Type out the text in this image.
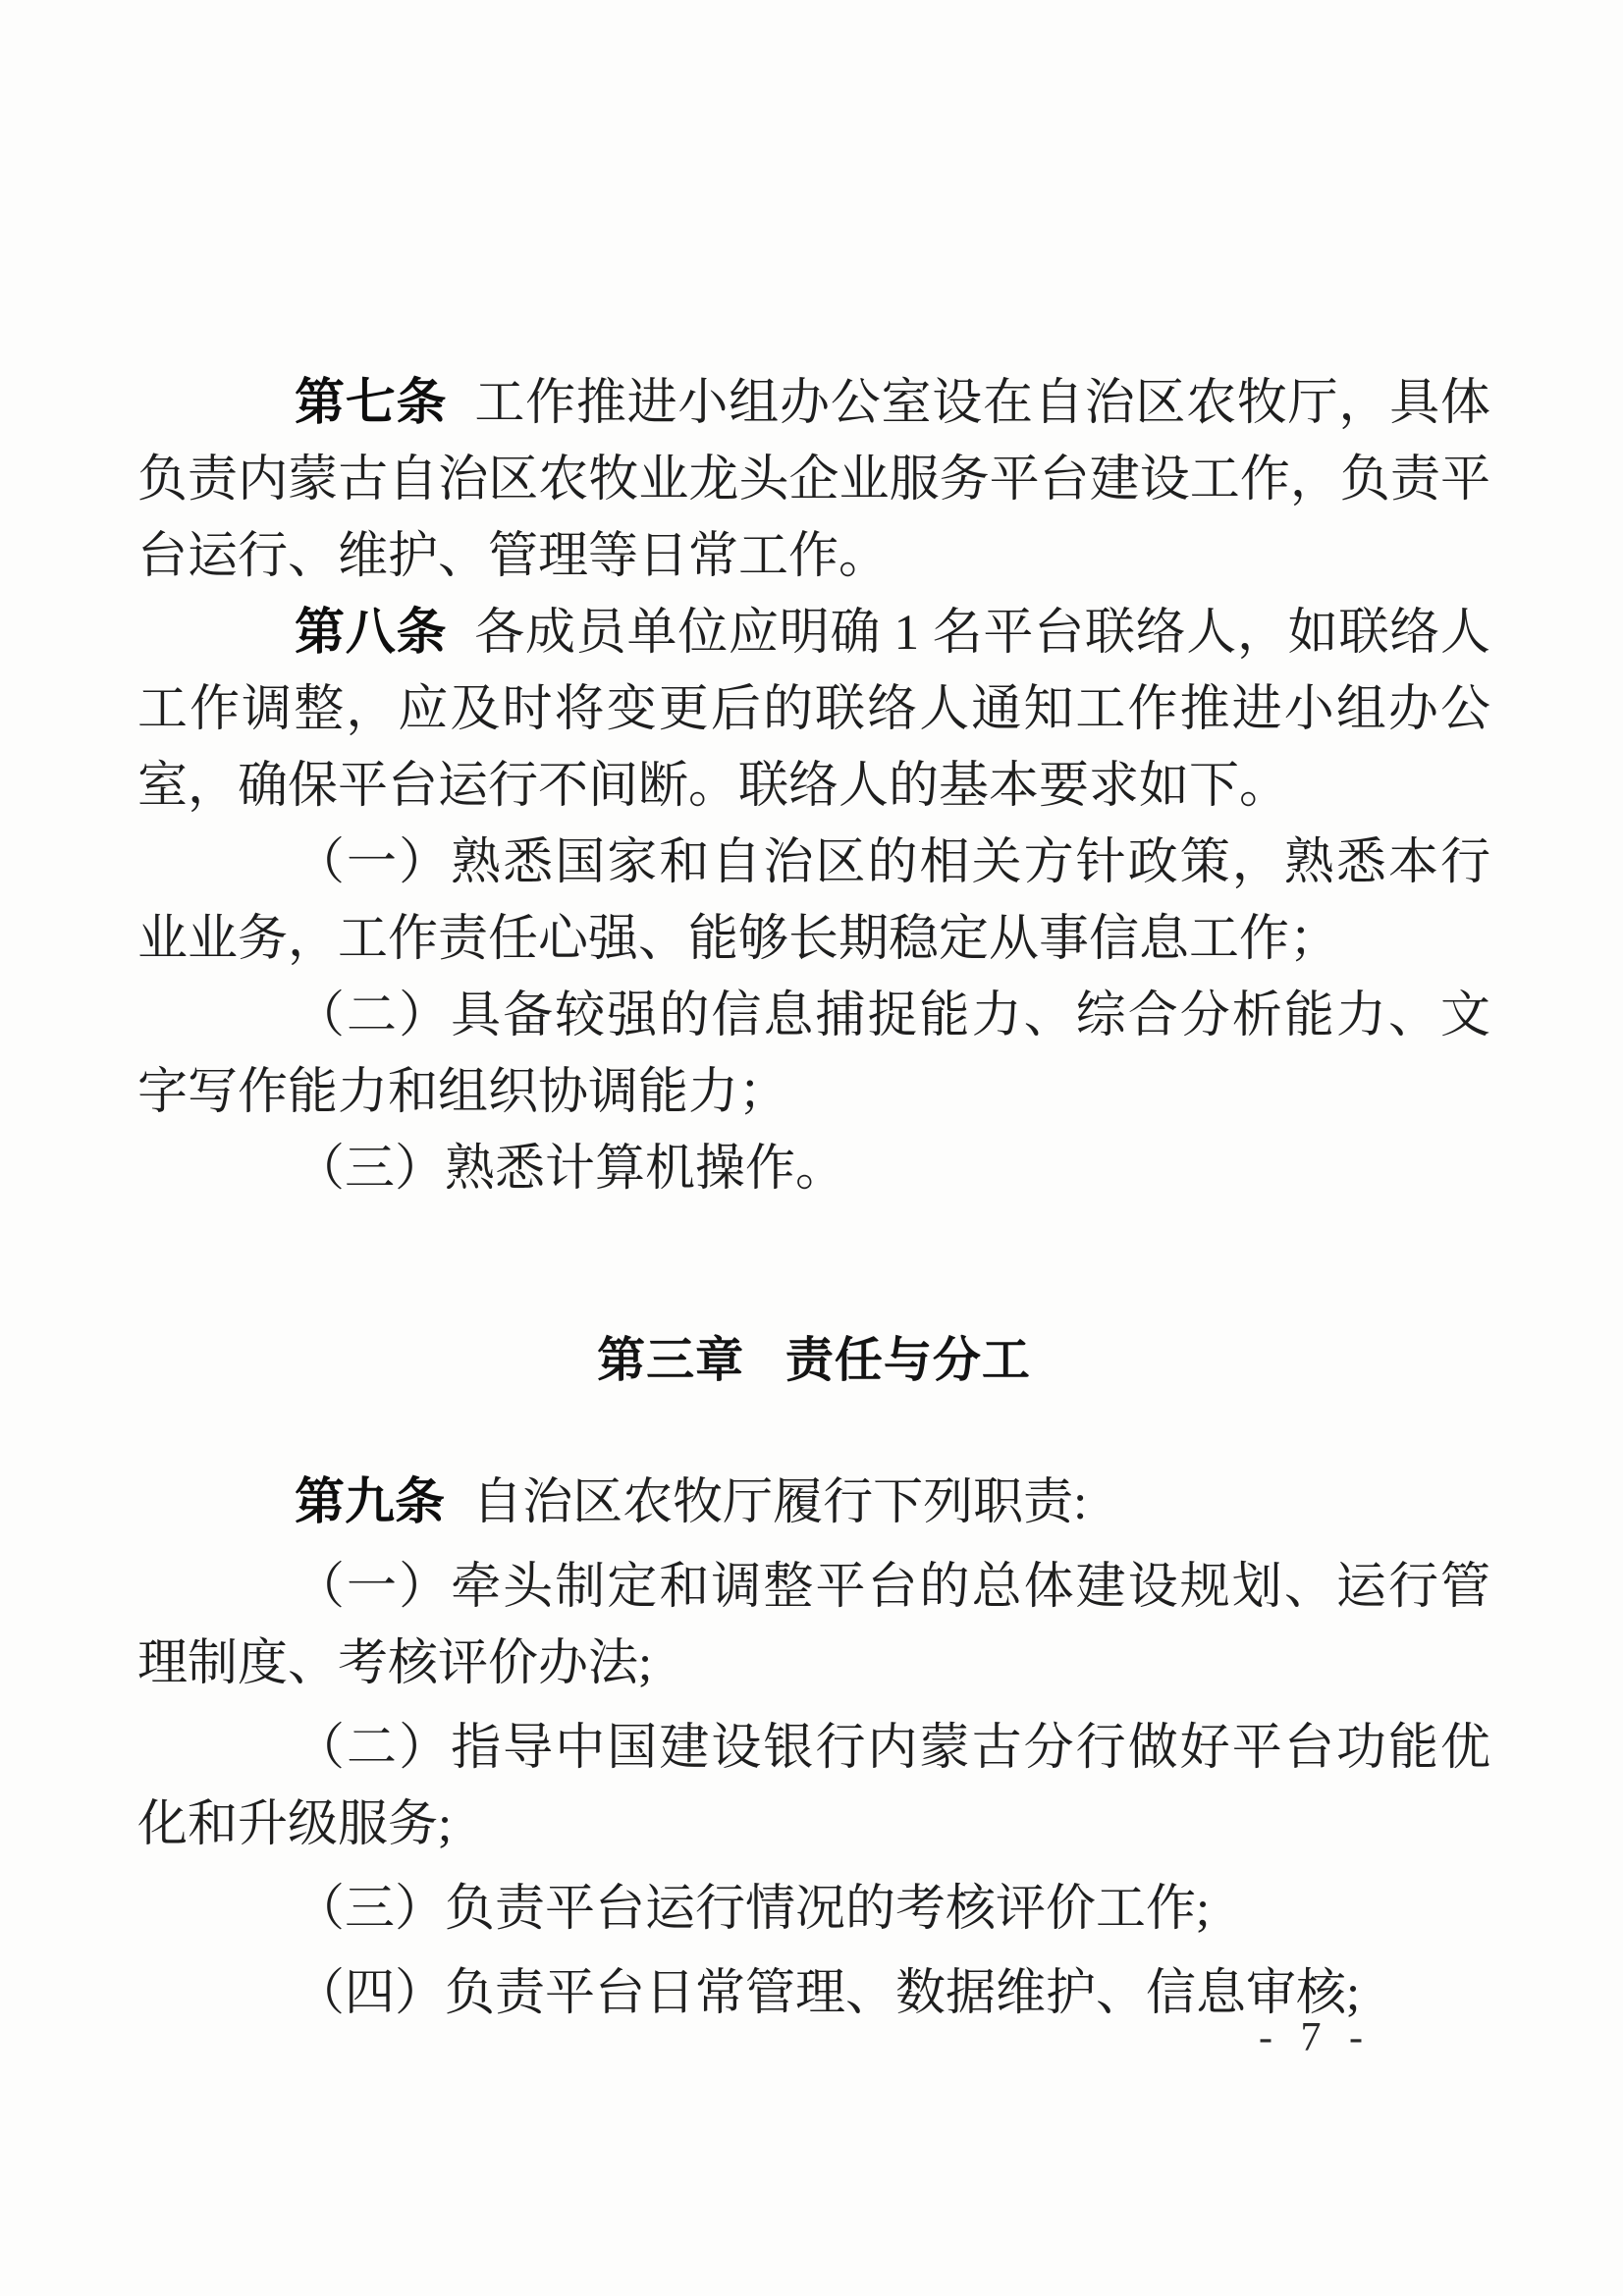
第七条 工作推进小组办公室设在自治区农牧厅，具体负责内蒙古自治区农牧业龙头企业服务平台建设工作，负责平台运行、维护、管理等日常工作。

第八条 各成员单位应明确 1 名平台联络人，如联络人工作调整，应及时将变更后的联络人通知工作推进小组办公室，确保平台运行不间断。联络人的基本要求如下。

（一）熟悉国家和自治区的相关方针政策，熟悉本行业业务，工作责任心强、能够长期稳定从事信息工作；

（二）具备较强的信息捕捉能力、综合分析能力、文字写作能力和组织协调能力；

（三）熟悉计算机操作。

第三章 责任与分工

第九条 自治区农牧厅履行下列职责:

（一）牵头制定和调整平台的总体建设规划、运行管理制度、考核评价办法;

（二）指导中国建设银行内蒙古分行做好平台功能优化和升级服务;

（三）负责平台运行情况的考核评价工作;

（四）负责平台日常管理、数据维护、信息审核;

- 7 -
